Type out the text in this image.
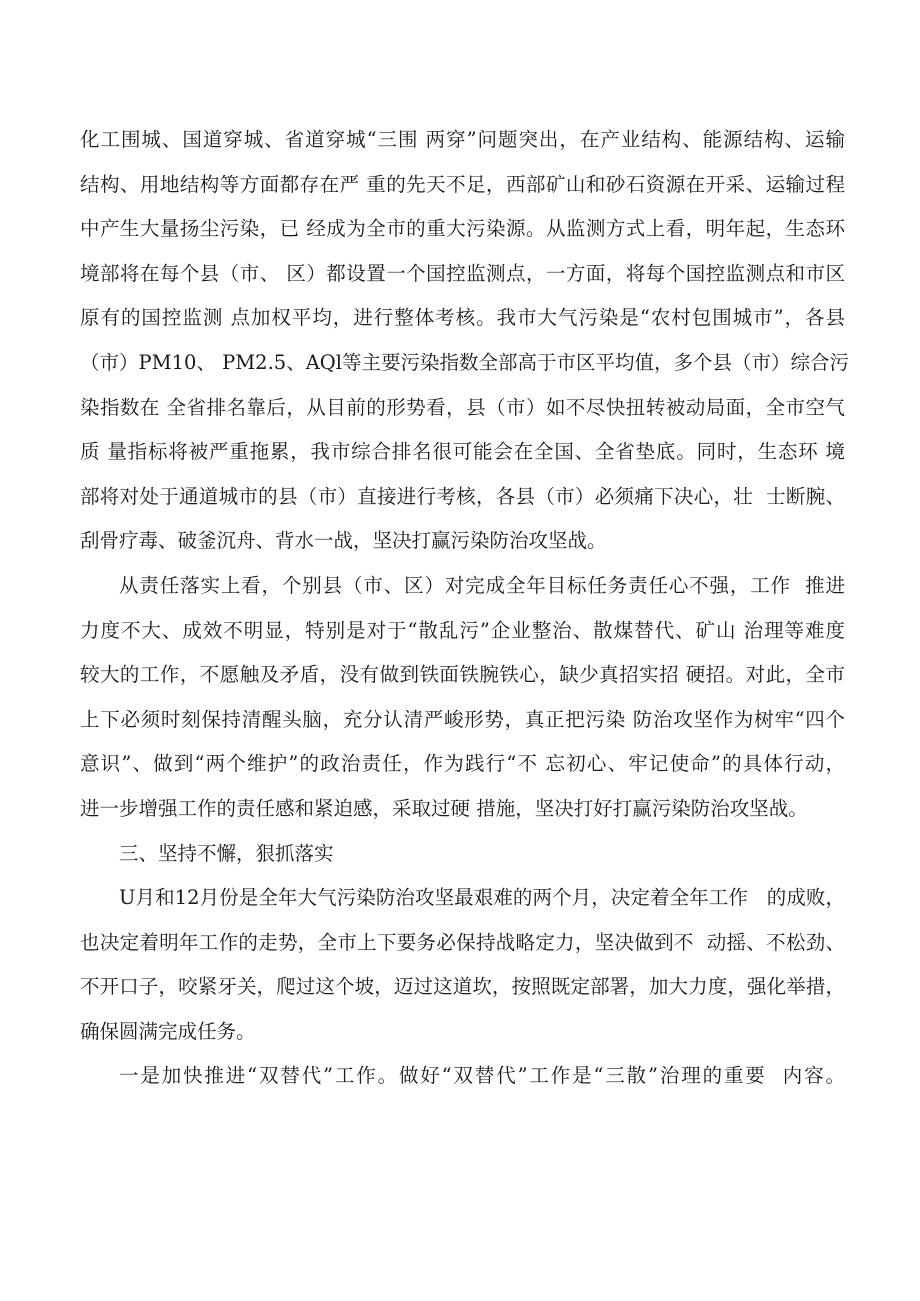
化工围城、国道穿城、省道穿城“三围 两穿”问题突出，在产业结构、能源结构、运输
结构、用地结构等方面都存在严 重的先天不足，西部矿山和砂石资源在开采、运输过程
中产生大量扬尘污染，已 经成为全市的重大污染源。从监测方式上看，明年起，生态环
境部将在每个县（市、 区）都设置一个国控监测点，一方面，将每个国控监测点和市区
原有的国控监测 点加权平均，进行整体考核。我市大气污染是“农村包围城市”，各县
（市）PM10、 PM2.5、AQl等主要污染指数全部高于市区平均值，多个县（市）综合污
染指数在 全省排名靠后，从目前的形势看，县（市）如不尽快扭转被动局面，全市空气
质 量指标将被严重拖累，我市综合排名很可能会在全国、全省垫底。同时，生态环 境
部将对处于通道城市的县（市）直接进行考核，各县（市）必须痛下决心，壮  士断腕、
刮骨疗毒、破釜沉舟、背水一战，坚决打赢污染防治攻坚战。
从责任落实上看，个别县（市、区）对完成全年目标任务责任心不强，工作  推进
力度不大、成效不明显，特别是对于“散乱污”企业整治、散煤替代、矿山 治理等难度
较大的工作，不愿触及矛盾，没有做到铁面铁腕铁心，缺少真招实招 硬招。对此，全市
上下必须时刻保持清醒头脑，充分认清严峻形势，真正把污染 防治攻坚作为树牢“四个
意识”、做到“两个维护”的政治责任，作为践行“不 忘初心、牢记使命”的具体行动，
进一步增强工作的责任感和紧迫感，采取过硬 措施，坚决打好打赢污染防治攻坚战。
三、坚持不懈，狠抓落实
U月和12月份是全年大气污染防治攻坚最艰难的两个月，决定着全年工作   的成败，
也决定着明年工作的走势，全市上下要务必保持战略定力，坚决做到不  动摇、不松劲、
不开口子，咬紧牙关，爬过这个坡，迈过这道坎，按照既定部署，加大力度，强化举措，
确保圆满完成任务。
一是加快推进“双替代”工作。做好“双替代”工作是“三散”治理的重要  内容。
